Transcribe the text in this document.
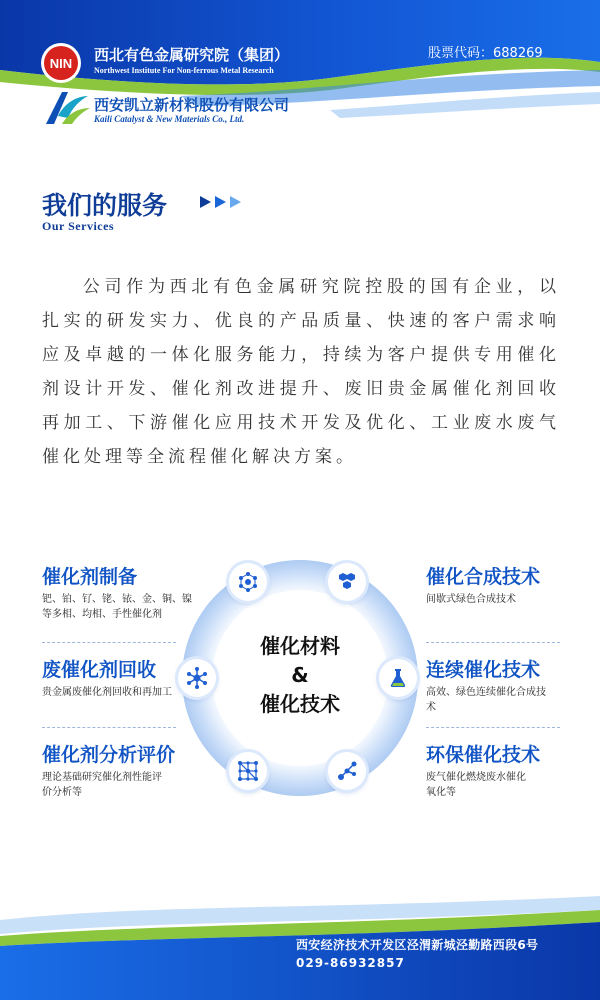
NIN 西北有色金属研究院（集团）
Northwest Institute For Non-ferrous Metal Research
股票代码：688269
西安凯立新材料股份有限公司
Kaili Catalyst & New Materials Co., Ltd.
我们的服务
Our Services
公司作为西北有色金属研究院控股的国有企业，以扎实的研发实力、优良的产品质量、快速的客户需求响应及卓越的一体化服务能力，持续为客户提供专用催化剂设计开发、催化剂改进提升、废旧贵金属催化剂回收再加工、下游催化应用技术开发及优化、工业废水废气催化处理等全流程催化解决方案。
催化材料
&
催化技术
催化剂制备
钯、铂、钌、铑、铱、金、铜、镍等多相、均相、手性催化剂
废催化剂回收
贵金属废催化剂回收和再加工
催化剂分析评价
理论基础研究催化剂性能评价分析等
催化合成技术
间歇式绿色合成技术
连续催化技术
高效、绿色连续催化合成技术
环保催化技术
废气催化燃烧废水催化氧化等
西安经济技术开发区泾渭新城泾勤路西段6号
029-86932857
